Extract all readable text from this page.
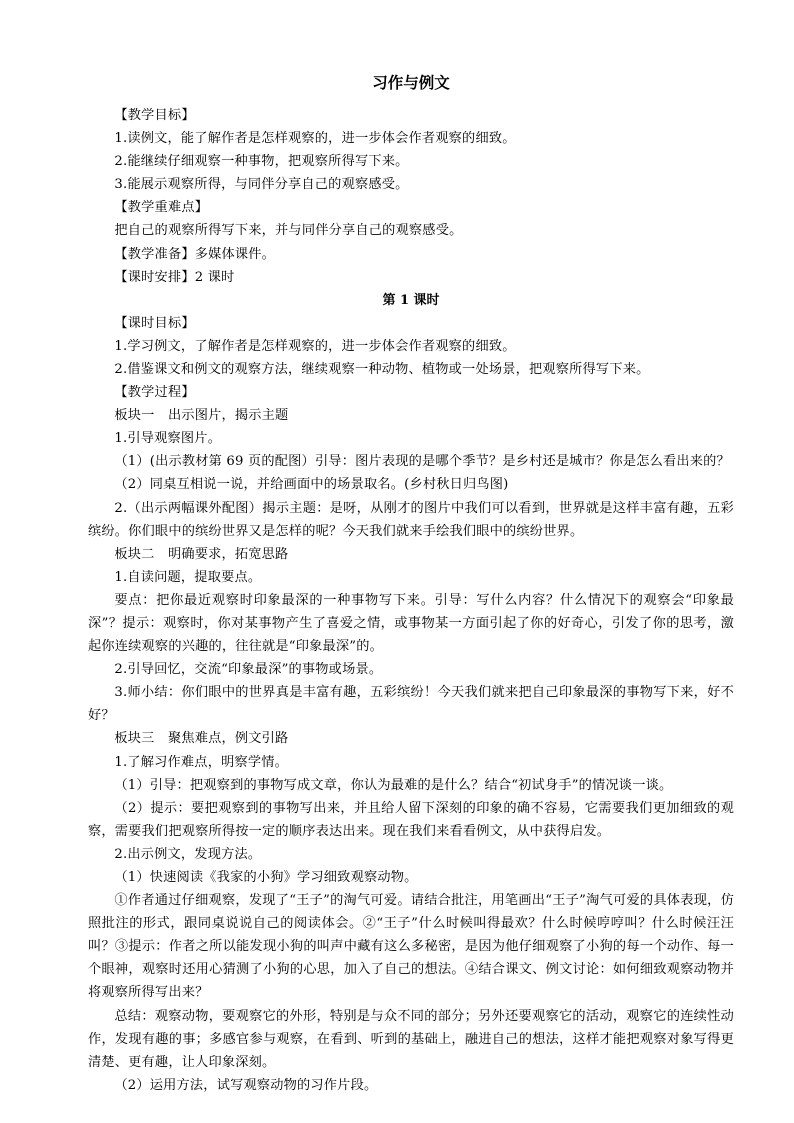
习作与例文

【教学目标】

1.读例文，能了解作者是怎样观察的，进一步体会作者观察的细致。

2.能继续仔细观察一种事物，把观察所得写下来。

3.能展示观察所得，与同伴分享自己的观察感受。

【教学重难点】

把自己的观察所得写下来，并与同伴分享自己的观察感受。

【教学准备】多媒体课件。

【课时安排】2 课时

第 1 课时

【课时目标】

1.学习例文，了解作者是怎样观察的，进一步体会作者观察的细致。

2.借鉴课文和例文的观察方法，继续观察一种动物、植物或一处场景，把观察所得写下来。

【教学过程】

板块一　出示图片，揭示主题

1.引导观察图片。

（1）(出示教材第 69 页的配图）引导：图片表现的是哪个季节？是乡村还是城市？你是怎么看出来的？

（2）同桌互相说一说，并给画面中的场景取名。(乡村秋日归鸟图)

2.（出示两幅课外配图）揭示主题：是呀，从刚才的图片中我们可以看到，世界就是这样丰富有趣，五彩缤纷。你们眼中的缤纷世界又是怎样的呢？今天我们就来手绘我们眼中的缤纷世界。

板块二　明确要求，拓宽思路

1.自读问题，提取要点。

要点：把你最近观察时印象最深的一种事物写下来。引导：写什么内容？什么情况下的观察会“印象最深”？提示：观察时，你对某事物产生了喜爱之情，或事物某一方面引起了你的好奇心，引发了你的思考，激起你连续观察的兴趣的，往往就是“印象最深”的。

2.引导回忆，交流“印象最深”的事物或场景。

3.师小结：你们眼中的世界真是丰富有趣，五彩缤纷！今天我们就来把自己印象最深的事物写下来，好不好？

板块三　聚焦难点，例文引路

1.了解习作难点，明察学情。

（1）引导：把观察到的事物写成文章，你认为最难的是什么？结合“初试身手”的情况谈一谈。

（2）提示：要把观察到的事物写出来，并且给人留下深刻的印象的确不容易，它需要我们更加细致的观察，需要我们把观察所得按一定的顺序表达出来。现在我们来看看例文，从中获得启发。

2.出示例文，发现方法。

（1）快速阅读《我家的小狗》学习细致观察动物。

①作者通过仔细观察，发现了“王子”的淘气可爱。请结合批注，用笔画出“王子”淘气可爱的具体表现，仿照批注的形式，跟同桌说说自己的阅读体会。②“王子”什么时候叫得最欢？什么时候哼哼叫？什么时候汪汪叫？③提示：作者之所以能发现小狗的叫声中藏有这么多秘密，是因为他仔细观察了小狗的每一个动作、每一个眼神，观察时还用心猜测了小狗的心思，加入了自己的想法。④结合课文、例文讨论：如何细致观察动物并将观察所得写出来？

总结：观察动物，要观察它的外形，特别是与众不同的部分；另外还要观察它的活动，观察它的连续性动作，发现有趣的事；多感官参与观察，在看到、听到的基础上，融进自己的想法，这样才能把观察对象写得更清楚、更有趣，让人印象深刻。

（2）运用方法，试写观察动物的习作片段。
